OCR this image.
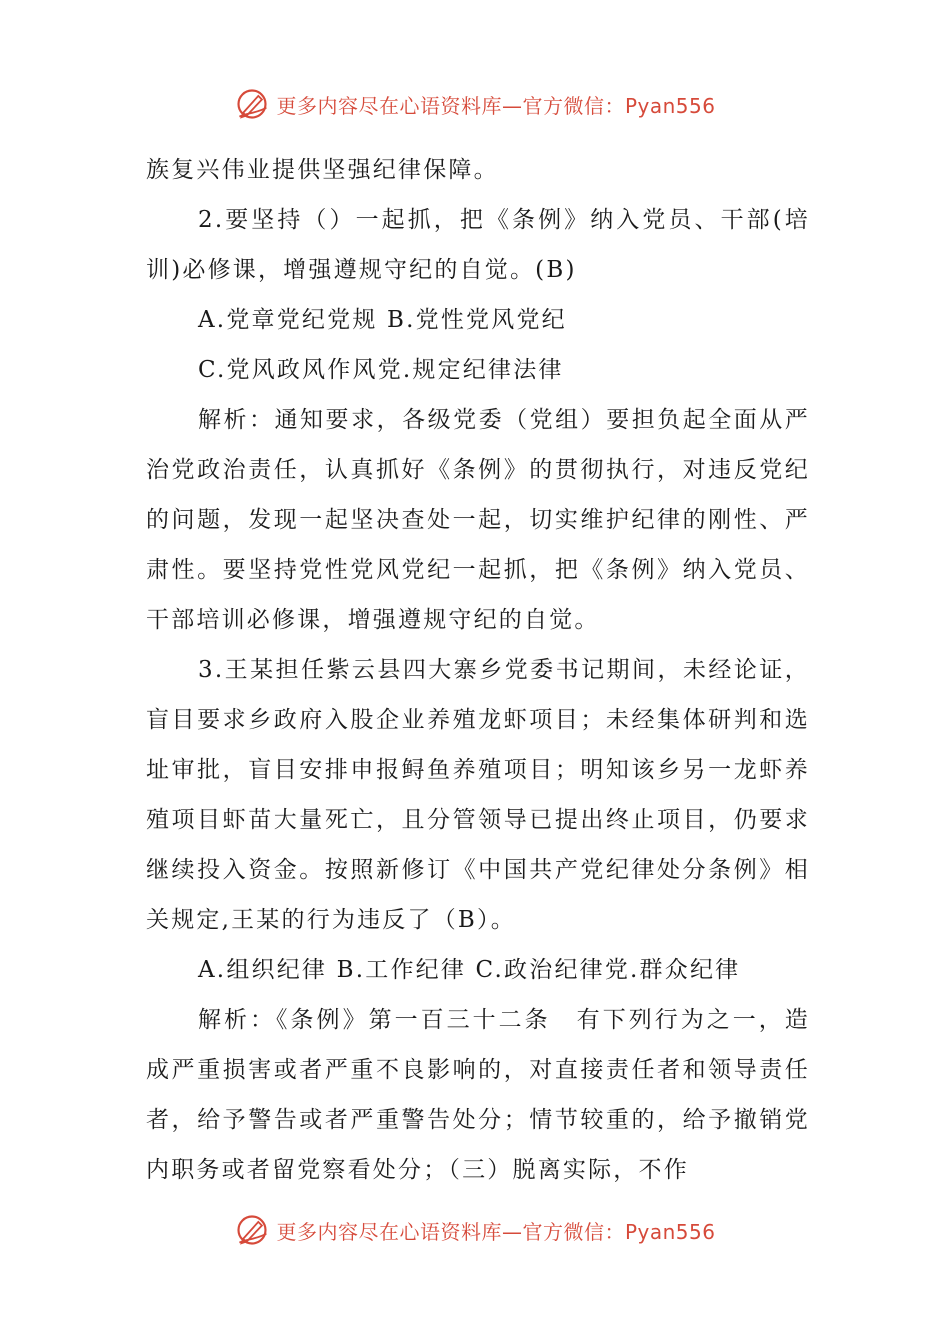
更多内容尽在心语资料库—官方微信：Pyan556

族复兴伟业提供坚强纪律保障。

2.要坚持（）一起抓，把《条例》纳入党员、干部(培训)必修课，增强遵规守纪的自觉。(B)

A.党章党纪党规 B.党性党风党纪

C.党风政风作风党.规定纪律法律

解析：通知要求，各级党委（党组）要担负起全面从严治党政治责任，认真抓好《条例》的贯彻执行，对违反党纪的问题，发现一起坚决查处一起，切实维护纪律的刚性、严肃性。要坚持党性党风党纪一起抓，把《条例》纳入党员、干部培训必修课，增强遵规守纪的自觉。

3.王某担任紫云县四大寨乡党委书记期间，未经论证，盲目要求乡政府入股企业养殖龙虾项目；未经集体研判和选址审批，盲目安排申报鲟鱼养殖项目；明知该乡另一龙虾养殖项目虾苗大量死亡，且分管领导已提出终止项目，仍要求继续投入资金。按照新修订《中国共产党纪律处分条例》相关规定,王某的行为违反了（B）。

A.组织纪律 B.工作纪律 C.政治纪律党.群众纪律

解析：《条例》第一百三十二条　有下列行为之一，造成严重损害或者严重不良影响的，对直接责任者和领导责任者，给予警告或者严重警告处分；情节较重的，给予撤销党内职务或者留党察看处分；（三）脱离实际，不作

更多内容尽在心语资料库—官方微信：Pyan556
